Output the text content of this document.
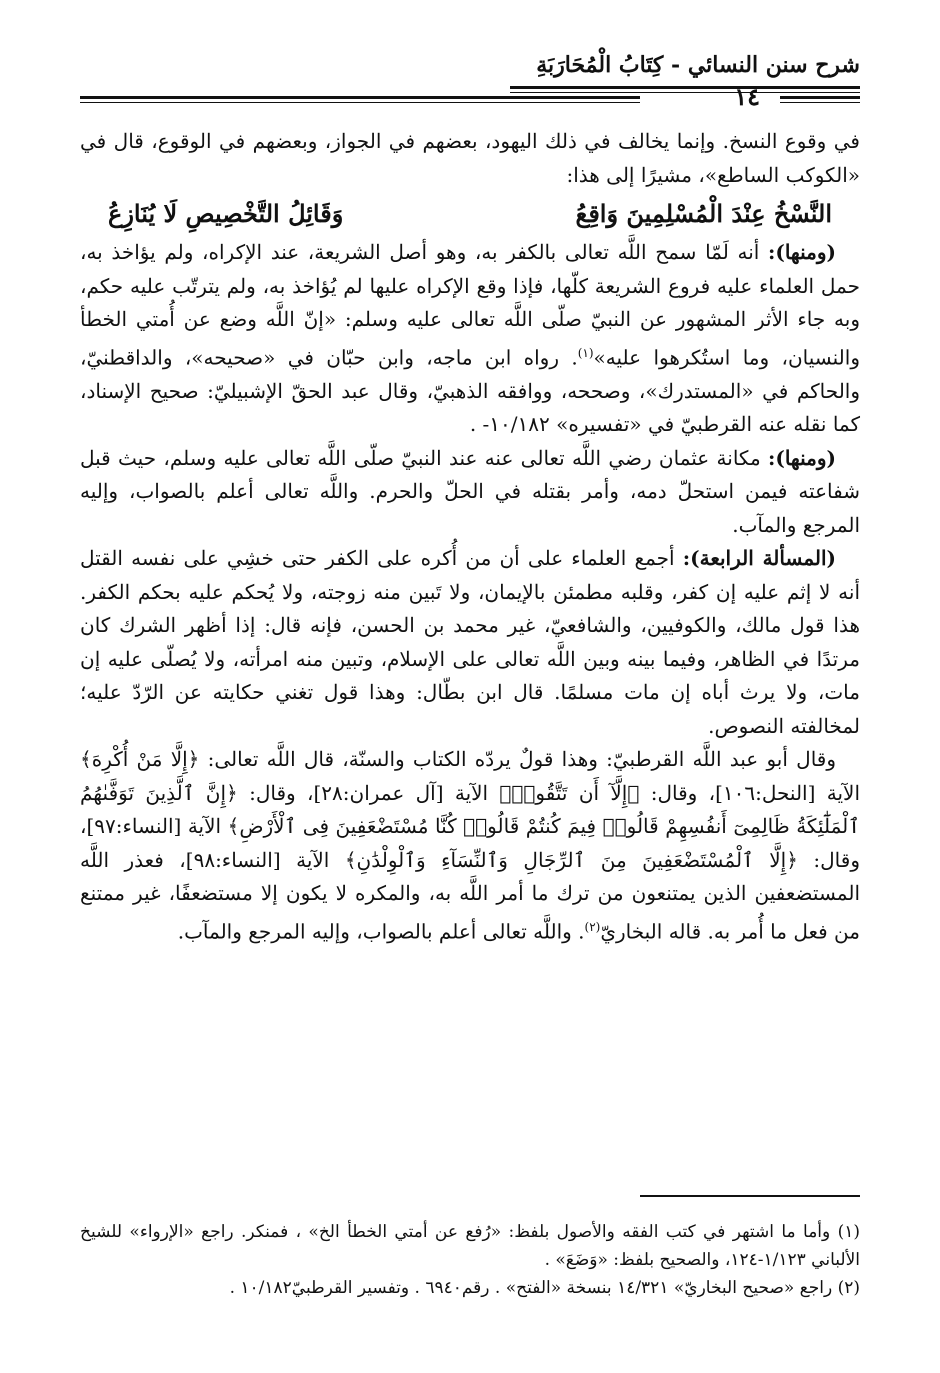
شرح سنن النسائي - كِتَابُ الْمُحَارَبَةِ
١٤

في وقوع النسخ. وإنما يخالف في ذلك اليهود، بعضهم في الجواز، وبعضهم في الوقوع، قال في «الكوكب الساطع»، مشيرًا إلى هذا:

النَّسْخُ عِنْدَ الْمُسْلِمِينَ وَاقِعُ
وَقَائِلُ التَّخْصِيصِ لَا يُنَازِعُ

(ومنها): أنه لَمّا سمح اللَّه تعالى بالكفر به، وهو أصل الشريعة، عند الإكراه، ولم يؤاخذ به، حمل العلماء عليه فروع الشريعة كلّها، فإذا وقع الإكراه عليها لم يُؤاخذ به، ولم يترتّب عليه حكم، وبه جاء الأثر المشهور عن النبيّ صلّى اللَّه تعالى عليه وسلم: «إنّ اللَّه وضع عن أُمتي الخطأ والنسيان، وما استُكرهوا عليه»$^{(١)}$. رواه ابن ماجه، وابن حبّان في «صحيحه»، والداقطنيّ، والحاكم في «المستدرك»، وصححه، ووافقه الذهبيّ، وقال عبد الحقّ الإشبيليّ: صحيح الإسناد، كما نقله عنه القرطبيّ في «تفسيره» ١٠/١٨٢- .

(ومنها): مكانة عثمان رضي اللَّه تعالى عنه عند النبيّ صلّى اللَّه تعالى عليه وسلم، حيث قبل شفاعته فيمن استحلّ دمه، وأمر بقتله في الحلّ والحرم. واللَّه تعالى أعلم بالصواب، وإليه المرجع والمآب.

(المسألة الرابعة): أجمع العلماء على أن من أُكره على الكفر حتى خشِي على نفسه القتل أنه لا إثم عليه إن كفر، وقلبه مطمئن بالإيمان، ولا تَبين منه زوجته، ولا يُحكم عليه بحكم الكفر. هذا قول مالك، والكوفيين، والشافعيّ، غير محمد بن الحسن، فإنه قال: إذا أظهر الشرك كان مرتدًا في الظاهر، وفيما بينه وبين اللَّه تعالى على الإسلام، وتبين منه امرأته، ولا يُصلّى عليه إن مات، ولا يرث أباه إن مات مسلمًا. قال ابن بطّال: وهذا قول تغني حكايته عن الرّدّ عليه؛ لمخالفته النصوص.

وقال أبو عبد اللَّه القرطبيّ: وهذا قولٌ يردّه الكتاب والسنّة، قال اللَّه تعالى: ﴿إِلَّا مَنْ أُكْرِهَ﴾ الآية [النحل:١٠٦]، وقال: ﴿إِلَّآ أَن تَتَّقُوا۟﴾ الآية [آل عمران:٢٨]، وقال: ﴿إِنَّ ٱلَّذِينَ تَوَفَّىٰهُمُ ٱلْمَلَٰٓئِكَةُ ظَالِمِىٓ أَنفُسِهِمْ قَالُوا۟ فِيمَ كُنتُمْ قَالُوا۟ كُنَّا مُسْتَضْعَفِينَ فِى ٱلْأَرْضِ﴾ الآية [النساء:٩٧]، وقال: ﴿إِلَّا ٱلْمُسْتَضْعَفِينَ مِنَ ٱلرِّجَالِ وَٱلنِّسَآءِ وَٱلْوِلْدَٰنِ﴾ الآية [النساء:٩٨]، فعذر اللَّه المستضعفين الذين يمتنعون من ترك ما أمر اللَّه به، والمكره لا يكون إلا مستضعفًا، غير ممتنع من فعل ما أُمر به. قاله البخاريّ$^{(٢)}$. واللَّه تعالى أعلم بالصواب، وإليه المرجع والمآب.

(١) وأما ما اشتهر في كتب الفقه والأصول بلفظ: «رُفع عن أمتي الخطأ الخ» ، فمنكر. راجع «الإرواء» للشيخ الألباني ١/١٢٣-١٢٤، والصحيح بلفظ: «وَضَعَ» .

(٢) راجع «صحيح البخاريّ» ١٤/٣٢١ بنسخة «الفتح» . رقم٦٩٤٠ . وتفسير القرطبيّ١٠/١٨٢ .
